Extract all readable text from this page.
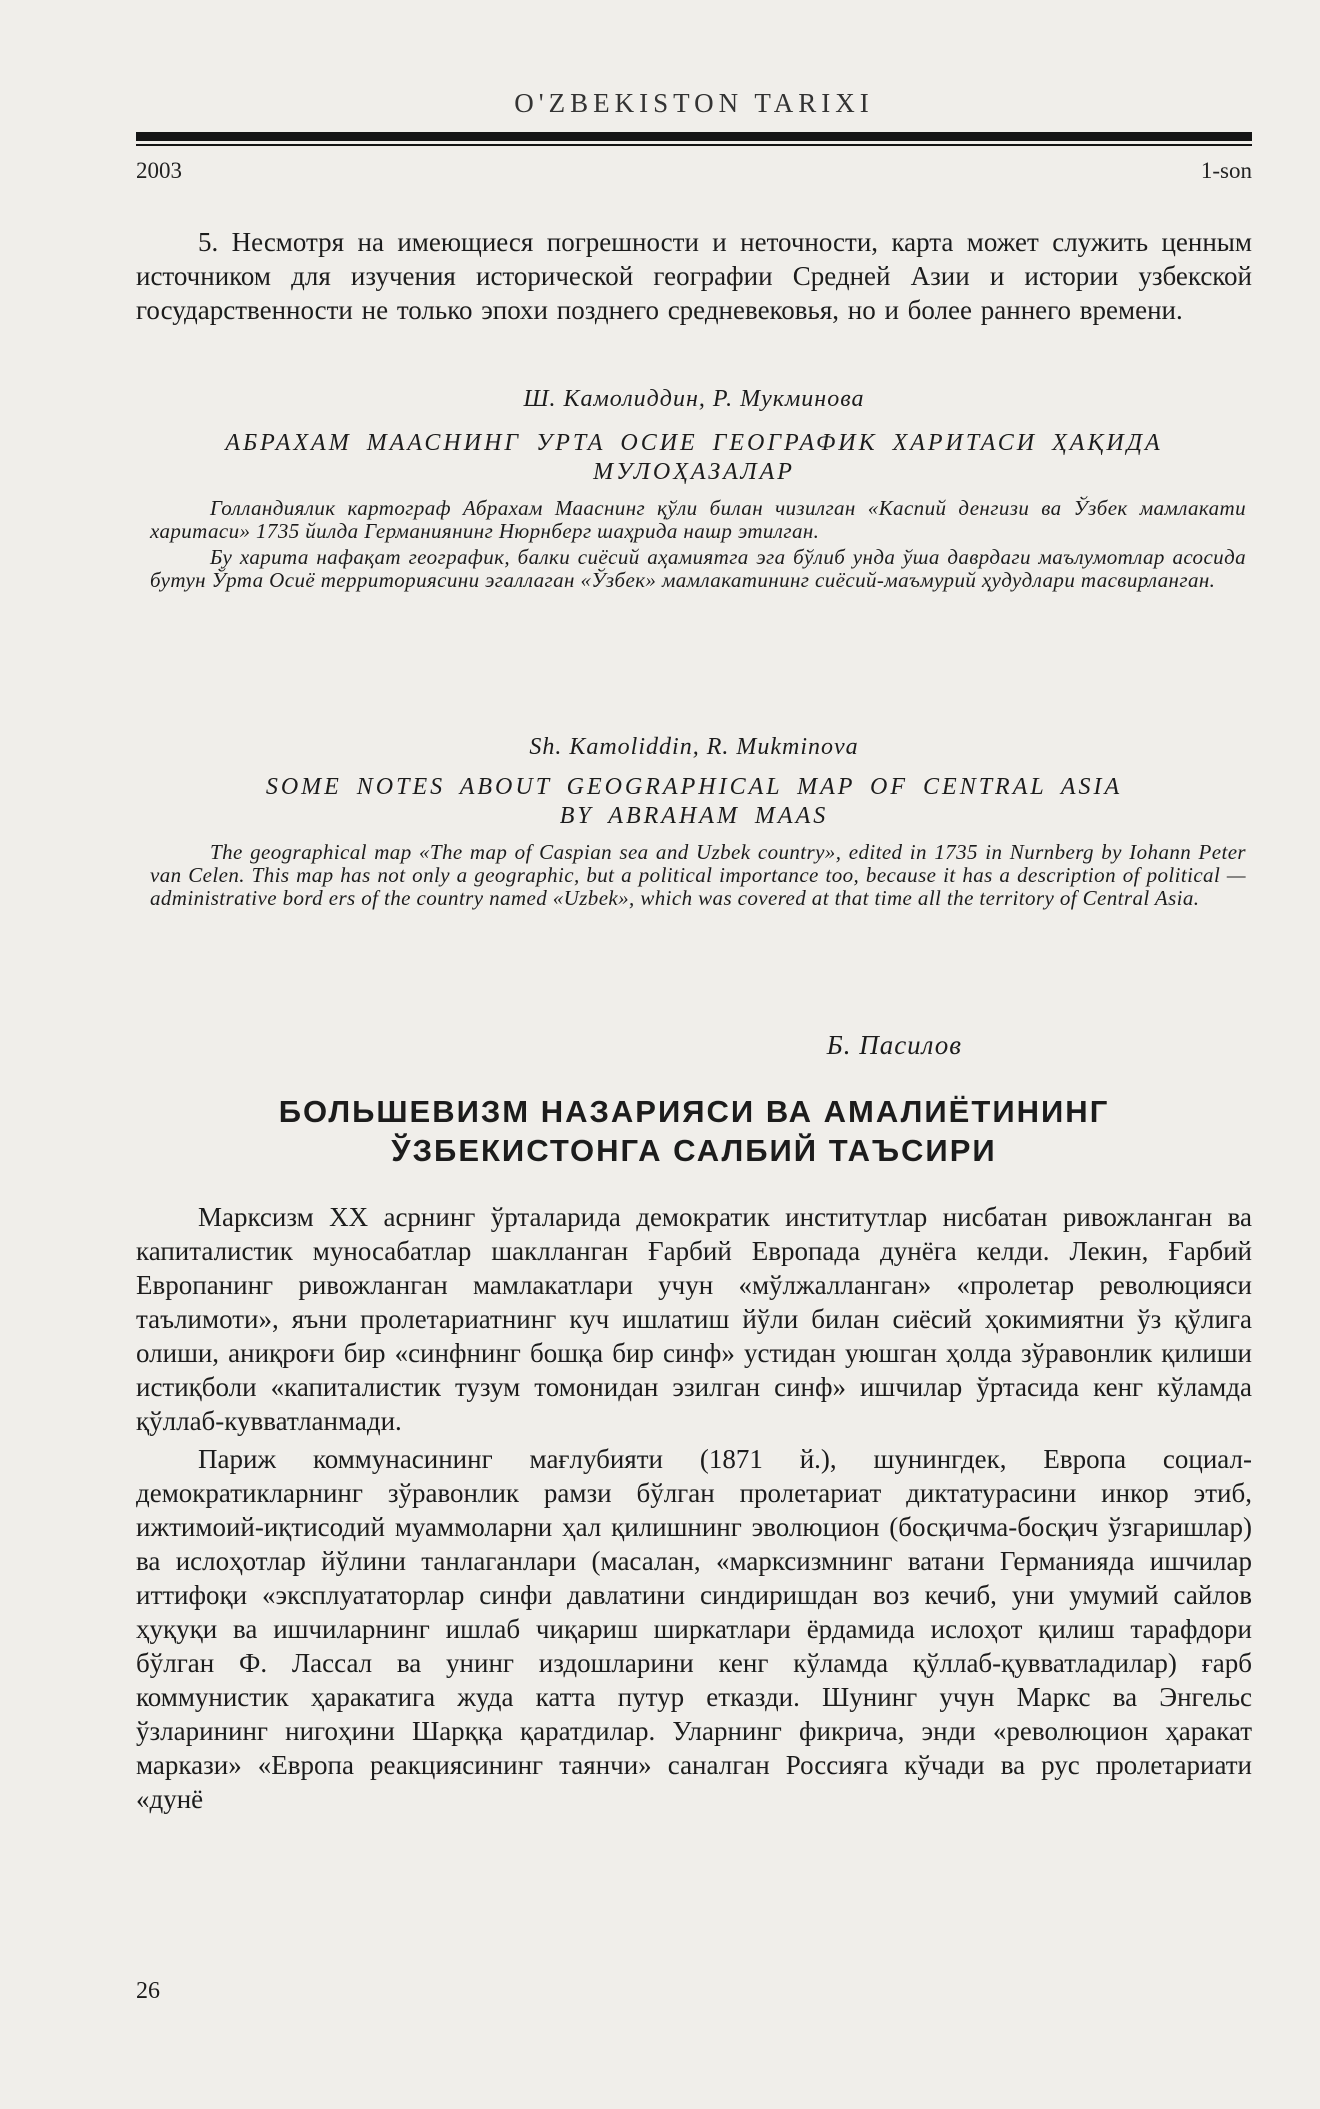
O'ZBEKISTON TARIXI
2003	1-son

5. Несмотря на имеющиеся погрешности и неточности, карта может служить ценным источником для изучения исторической географии Средней Азии и истории узбекской государственности не только эпохи позднего средневековья, но и более раннего времени.

Ш. Камолиддин, Р. Мукминова

АБРАХАМ МААСНИНГ УРТА ОСИЕ ГЕОГРАФИК ХАРИТАСИ ҲАҚИДА

МУЛОҲАЗАЛАР

Голландиялик картограф Абрахам Мааснинг қўли билан чизилган «Каспий денгизи ва Ўзбек мамлакати харитаси» 1735 йилда Германиянинг Нюрнберг шаҳрида нашр этилган.

Бу харита нафақат географик, балки сиёсий аҳамиятга эга бўлиб унда ўша даврдаги маълумотлар асосида бутун Ўрта Осиё территориясини эгаллаган «Ўзбек» мамлакатининг сиёсий-маъмурий ҳудудлари тасвирланган.

Sh. Kamoliddin, R. Mukminova

SOME NOTES ABOUT GEOGRAPHICAL MAP OF CENTRAL ASIA

BY ABRAHAM MAAS

The geographical map «The map of Caspian sea and Uzbek country», edited in 1735 in Nurnberg by Iohann Peter van Celen. This map has not only a geographic, but a political importance too, because it has a description of political — administrative bord ers of the country named «Uzbek», which was covered at that time all the territory of Central Asia.

Б. Пасилов

БОЛЬШЕВИЗМ НАЗАРИЯСИ ВА АМАЛИЁТИНИНГ

ЎЗБЕКИСТОНГА САЛБИЙ ТАЪСИРИ

Марксизм XX асрнинг ўрталарида демократик институтлар нисбатан ривожланган ва капиталистик муносабатлар шаклланган Ғарбий Европада дунёга келди. Лекин, Ғарбий Европанинг ривожланган мамлакатлари учун «мўлжалланган» «пролетар революцияси таълимоти», яъни пролетариатнинг куч ишлатиш йўли билан сиёсий ҳокимиятни ўз қўлига олиши, аниқроғи бир «синфнинг бошқа бир синф» устидан уюшган ҳолда зўравонлик қилиши истиқболи «капиталистик тузум томонидан эзилган синф» ишчилар ўртасида кенг кўламда қўллаб-кувватланмади.

Париж коммунасининг мағлубияти (1871 й.), шунингдек, Европа социал-демократикларнинг зўравонлик рамзи бўлган пролетариат диктатурасини инкор этиб, ижтимоий-иқтисодий муаммоларни ҳал қилишнинг эволюцион (босқичма-босқич ўзгаришлар) ва ислоҳотлар йўлини танлаганлари (масалан, «марксизмнинг ватани Германияда ишчилар иттифоқи «эксплуататорлар синфи давлатини синдиришдан воз кечиб, уни умумий сайлов ҳуқуқи ва ишчиларнинг ишлаб чиқариш ширкатлари ёрдамида ислоҳот қилиш тарафдори бўлган Ф. Лассал ва унинг издошларини кенг кўламда қўллаб-қувватладилар) ғарб коммунистик ҳаракатига жуда катта путур етказди. Шунинг учун Маркс ва Энгельс ўзларининг нигоҳини Шарққа қаратдилар. Уларнинг фикрича, энди «революцион ҳаракат маркази» «Европа реакциясининг таянчи» саналган Россияга кўчади ва рус пролетариати «дунё

26
